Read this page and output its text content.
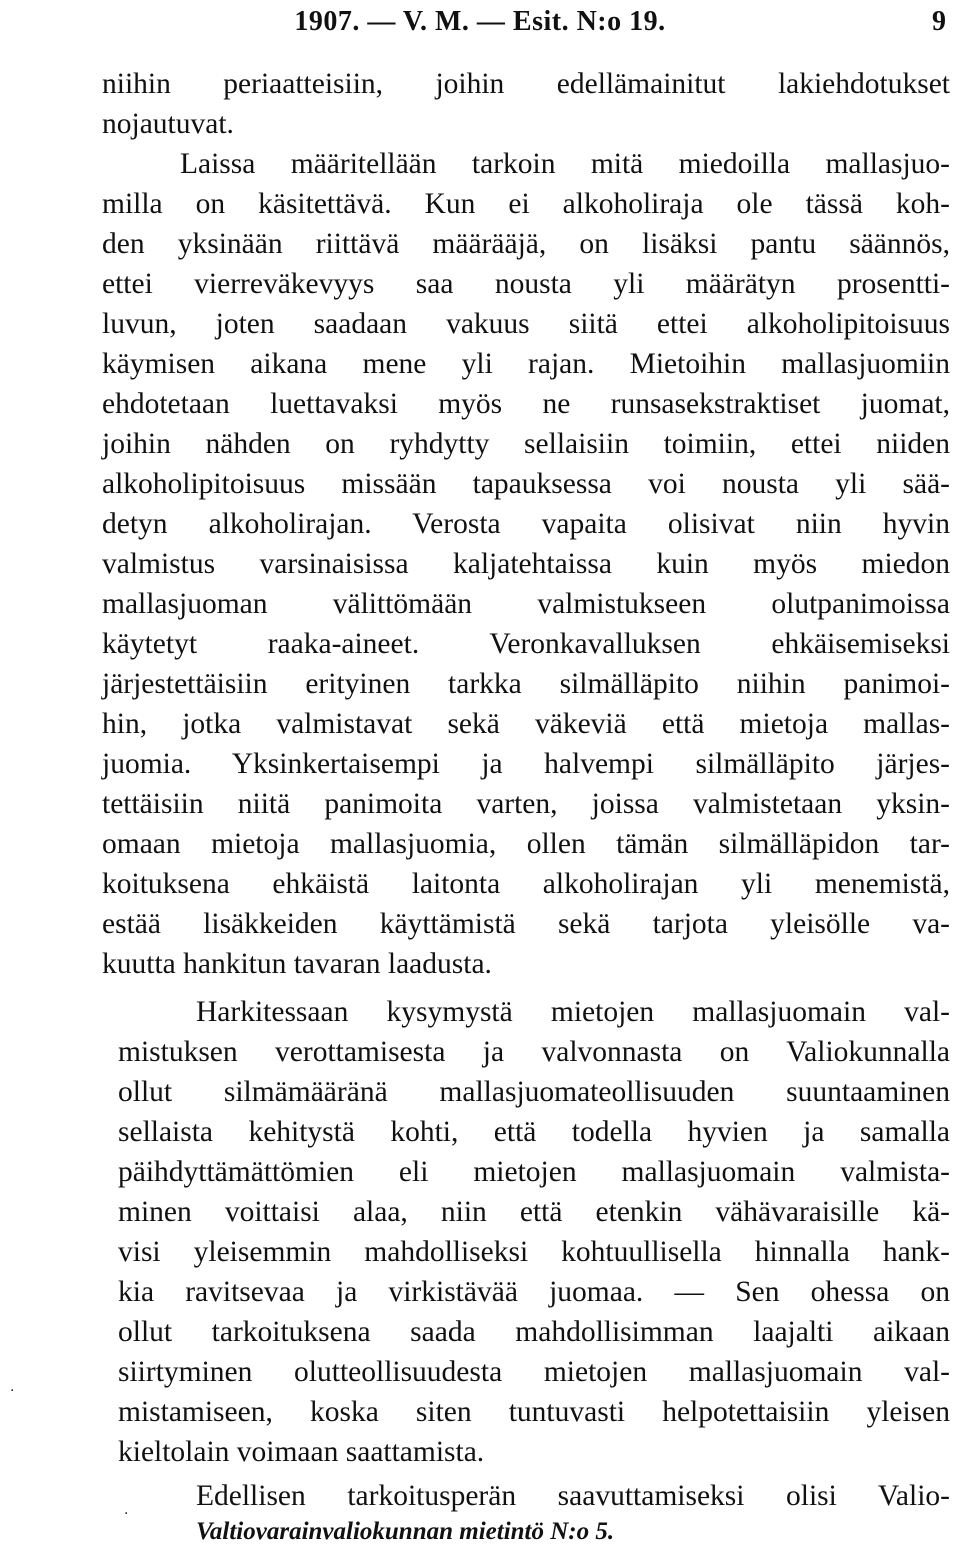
1907. — V. M. — Esit. N:o 19.	9
niihin periaatteisiin, joihin edellämainitut lakiehdotukset
nojautuvat.
Laissa määritellään tarkoin mitä miedoilla mallasjuo-
milla on käsitettävä. Kun ei alkoholiraja ole tässä koh-
den yksinään riittävä määrääjä, on lisäksi pantu säännös,
ettei vierreväkevyys saa nousta yli määrätyn prosentti-
luvun, joten saadaan vakuus siitä ettei alkoholipitoisuus
käymisen aikana mene yli rajan. Mietoihin mallasjuomiin
ehdotetaan luettavaksi myös ne runsasekstraktiset juomat,
joihin nähden on ryhdytty sellaisiin toimiin, ettei niiden
alkoholipitoisuus missään tapauksessa voi nousta yli sää-
detyn alkoholirajan. Verosta vapaita olisivat niin hyvin
valmistus varsinaisissa kaljatehtaissa kuin myös miedon
mallasjuoman välittömään valmistukseen olutpanimoissa
käytetyt raaka-aineet. Veronkavalluksen ehkäisemiseksi
järjestettäisiin erityinen tarkka silmälläpito niihin panimoi-
hin, jotka valmistavat sekä väkeviä että mietoja mallas-
juomia. Yksinkertaisempi ja halvempi silmälläpito järjes-
tettäisiin niitä panimoita varten, joissa valmistetaan yksin-
omaan mietoja mallasjuomia, ollen tämän silmälläpidon tar-
koituksena ehkäistä laitonta alkoholirajan yli menemistä,
estää lisäkkeiden käyttämistä sekä tarjota yleisölle va-
kuutta hankitun tavaran laadusta.
Harkitessaan kysymystä mietojen mallasjuomain val-
mistuksen verottamisesta ja valvonnasta on Valiokunnalla
ollut silmämääränä mallasjuomateollisuuden suuntaaminen
sellaista kehitystä kohti, että todella hyvien ja samalla
päihdyttämättömien eli mietojen mallasjuomain valmista-
minen voittaisi alaa, niin että etenkin vähävaraisille kä-
visi yleisemmin mahdolliseksi kohtuullisella hinnalla hank-
kia ravitsevaa ja virkistävää juomaa. — Sen ohessa on
ollut tarkoituksena saada mahdollisimman laajalti aikaan
siirtyminen olutteollisuudesta mietojen mallasjuomain val-
mistamiseen, koska siten tuntuvasti helpotettaisiin yleisen
kieltolain voimaan saattamista.
Edellisen tarkoitusperän saavuttamiseksi olisi Valio-
·
·
Valtiovarainvaliokunnan mietintö N:o 5.
